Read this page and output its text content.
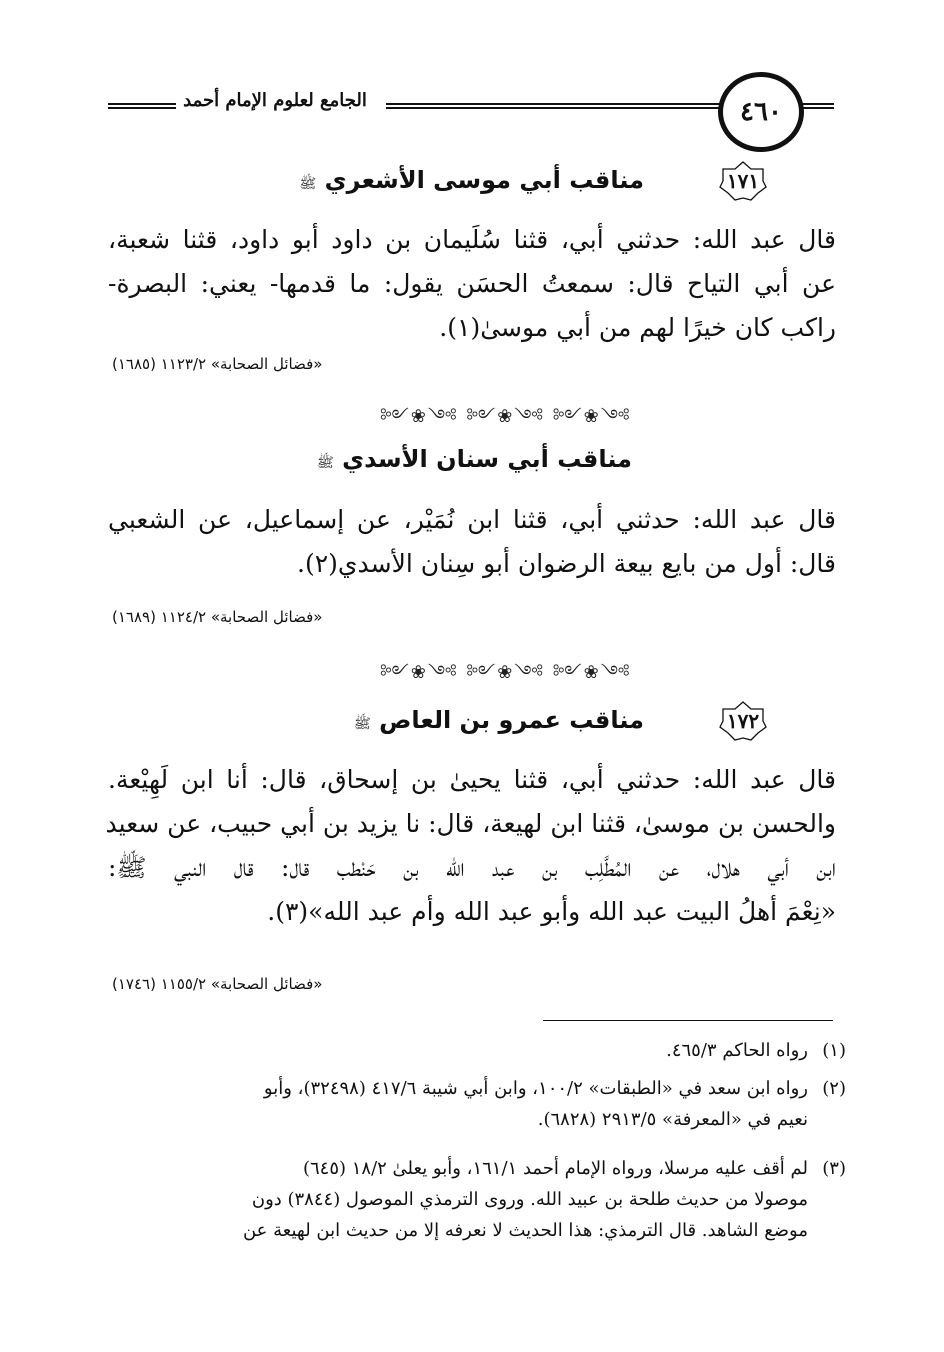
الجامع لعلوم الإمام أحمد	٤٦٠
١٧١
مناقب أبي موسى الأشعري ﷺ
قال عبد الله: حدثني أبي، قثنا سُلَيمان بن داود أبو داود، قثنا شعبة،
عن أبي التياح قال: سمعتُ الحسَن يقول: ما قدمها- يعني: البصرة-
راكب كان خيرًا لهم من أبي موسىٰ(١).
«فضائل الصحابة» ١١٢٣/٢ (١٦٨٥)
༻❀༺ ༻❀༺ ༻❀༺
مناقب أبي سنان الأسدي ﷺ
قال عبد الله: حدثني أبي، قثنا ابن نُمَيْر، عن إسماعيل، عن الشعبي
قال: أول من بايع بيعة الرضوان أبو سِنان الأسدي(٢).
«فضائل الصحابة» ١١٢٤/٢ (١٦٨٩)
༻❀༺ ༻❀༺ ༻❀༺
١٧٢
مناقب عمرو بن العاص ﷺ
قال عبد الله: حدثني أبي، قثنا يحيىٰ بن إسحاق، قال: أنا ابن لَهِيْعة.
والحسن بن موسىٰ، قثنا ابن لهيعة، قال: نا يزيد بن أبي حبيب، عن سعيد
ابن أبي هلال، عن المُطَّلِب بن عبد الله بن حَنْطب قال: قال النبي ﷺ:
«نِعْمَ أهلُ البيت عبد الله وأبو عبد الله وأم عبد الله»(٣).
«فضائل الصحابة» ١١٥٥/٢ (١٧٤٦)
(١)رواه الحاكم ٤٦٥/٣.
(٢)رواه ابن سعد في «الطبقات» ١٠٠/٢، وابن أبي شيبة ٤١٧/٦ (٣٢٤٩٨)، وأبو
نعيم في «المعرفة» ٢٩١٣/٥ (٦٨٢٨).
(٣)لم أقف عليه مرسلا، ورواه الإمام أحمد ١٦١/١، وأبو يعلىٰ ١٨/٢ (٦٤٥)
موصولا من حديث طلحة بن عبيد الله. وروى الترمذي الموصول (٣٨٤٤) دون
موضع الشاهد. قال الترمذي: هذا الحديث لا نعرفه إلا من حديث ابن لهيعة عن
